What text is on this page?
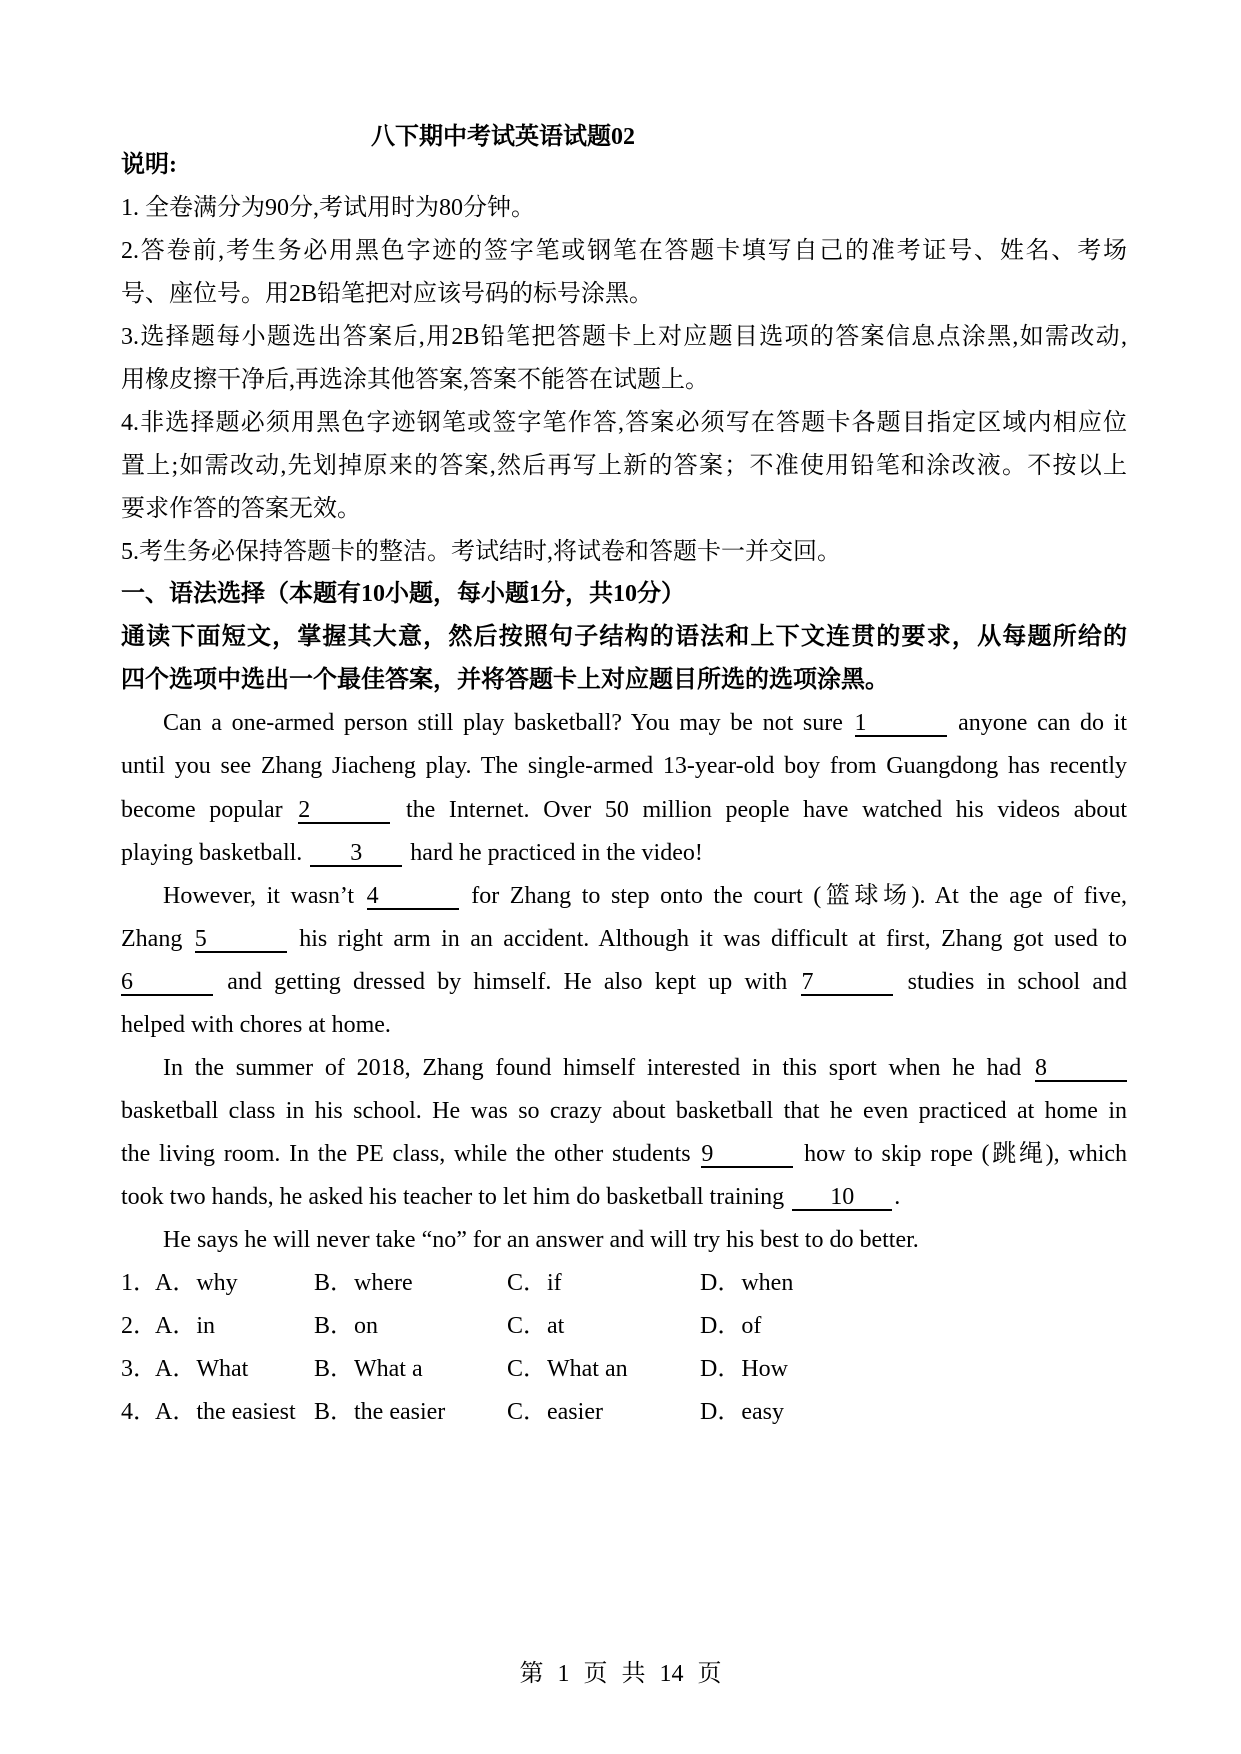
八下期中考试英语试题02
说明:
1. 全卷满分为90分,考试用时为80分钟。
2.答卷前,考生务必用黑色字迹的签字笔或钢笔在答题卡填写自己的准考证号、姓名、考场
号、座位号。用2B铅笔把对应该号码的标号涂黑。
3.选择题每小题选出答案后,用2B铅笔把答题卡上对应题目选项的答案信息点涂黑,如需改动,
用橡皮擦干净后,再选涂其他答案,答案不能答在试题上。
4.非选择题必须用黑色字迹钢笔或签字笔作答,答案必须写在答题卡各题目指定区域内相应位
置上;如需改动,先划掉原来的答案,然后再写上新的答案；不准使用铅笔和涂改液。不按以上
要求作答的答案无效。
5.考生务必保持答题卡的整洁。考试结时,将试卷和答题卡一并交回。
一、语法选择（本题有10小题，每小题1分，共10分）
通读下面短文，掌握其大意，然后按照句子结构的语法和上下文连贯的要求，从每题所给的
四个选项中选出一个最佳答案，并将答题卡上对应题目所选的选项涂黑。
Can a one-armed person still play basketball? You may be not sure 1	anyone can do it
until you see Zhang Jiacheng play. The single-armed 13-year-old boy from Guangdong has recently
become popular 2	the Internet. Over 50 million people have watched his videos about
playing basketball. 3 hard he practiced in the video!
However, it wasn’t 4	for Zhang to step onto the court (篮球场). At the age of five,
Zhang 5	his right arm in an accident. Although it was difficult at first, Zhang got used to
6	and getting dressed by himself. He also kept up with 7	studies in school and
helped with chores at home.
In the summer of 2018, Zhang found himself interested in this sport when he had 8
basketball class in his school. He was so crazy about basketball that he even practiced at home in
the living room. In the PE class, while the other students 9	how to skip rope (跳绳), which
took two hands, he asked his teacher to let him do basketball training 10 .
He says he will never take “no” for an answer and will try his best to do better.
1．
A．why	B．where	C．if	D．when
2．
A．in	B．on	C．at	D．of
3．
A．What	B．What a	C．What an	D．How
4．
A．the easiest B．the easier	C．easier	D．easy
第 1 页 共 14 页
